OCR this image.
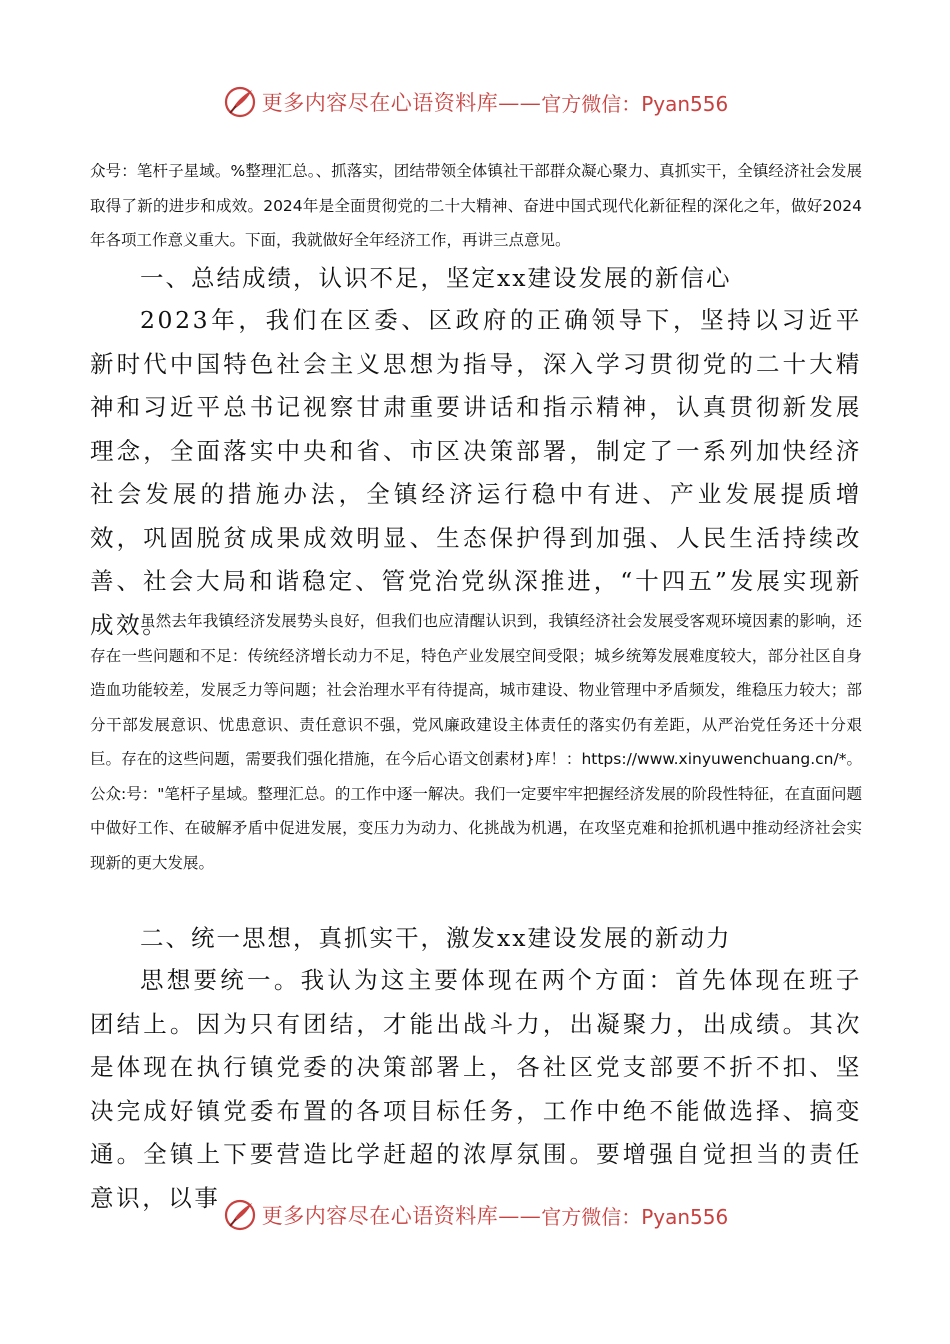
更多内容尽在心语资料库—— 官方微信：Pyan556

众号：笔杆子星域。%整理汇总。、抓落实，团结带领全体镇社干部群众凝心聚力、真抓实干，全镇经济社会发展取得了新的进步和成效。2024年是全面贯彻党的二十大精神、奋进中国式现代化新征程的深化之年，做好2024年各项工作意义重大。下面，我就做好全年经济工作，再讲三点意见。

一、总结成绩，认识不足，坚定xx建设发展的新信心

2023年，我们在区委、区政府的正确领导下，坚持以习近平新时代中国特色社会主义思想为指导，深入学习贯彻党的二十大精神和习近平总书记视察甘肃重要讲话和指示精神，认真贯彻新发展理念，全面落实中央和省、市区决策部署，制定了一系列加快经济社会发展的措施办法，全镇经济运行稳中有进、产业发展提质增效，巩固脱贫成果成效明显、生态保护得到加强、人民生活持续改善、社会大局和谐稳定、管党治党纵深推进，“十四五”发展实现新成效。

虽然去年我镇经济发展势头良好，但我们也应清醒认识到，我镇经济社会发展受客观环境因素的影响，还存在一些问题和不足：传统经济增长动力不足，特色产业发展空间受限；城乡统筹发展难度较大，部分社区自身造血功能较差，发展乏力等问题；社会治理水平有待提高，城市建设、物业管理中矛盾频发，维稳压力较大；部分干部发展意识、忧患意识、责任意识不强，党风廉政建设主体责任的落实仍有差距，从严治党任务还十分艰巨。存在的这些问题，需要我们强化措施，在今后心语文创素材}库！：https://www.xinyuwenchuang.cn/*。公众:号："笔杆子星域。整理汇总。的工作中逐一解决。我们一定要牢牢把握经济发展的阶段性特征，在直面问题中做好工作、在破解矛盾中促进发展，变压力为动力、化挑战为机遇，在攻坚克难和抢抓机遇中推动经济社会实现新的更大发展。

二、统一思想，真抓实干，激发xx建设发展的新动力

思想要统一。我认为这主要体现在两个方面：首先体现在班子团结上。因为只有团结，才能出战斗力，出凝聚力，出成绩。其次是体现在执行镇党委的决策部署上，各社区党支部要不折不扣、坚决完成好镇党委布置的各项目标任务，工作中绝不能做选择、搞变通。全镇上下要营造比学赶超的浓厚氛围。要增强自觉担当的责任意识，以事

更多内容尽在心语资料库—— 官方微信：Pyan556
